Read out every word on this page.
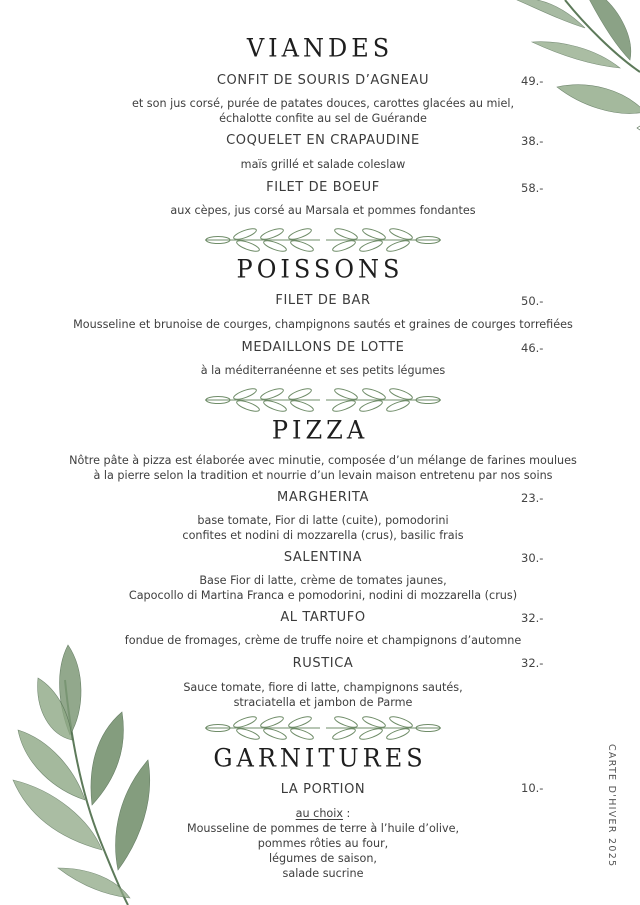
VIANDES
CONFIT DE SOURIS D’AGNEAU	49.-
et son jus corsé, purée de patates douces, carottes glacées au miel,
échalotte confite au sel de Guérande
COQUELET EN CRAPAUDINE	38.-
maïs grillé et salade coleslaw
FILET DE BOEUF	58.-
aux cèpes, jus corsé au Marsala et pommes fondantes
POISSONS
FILET DE BAR	50.-
Mousseline et brunoise de courges, champignons sautés et graines de courges torrefiées
MEDAILLONS DE LOTTE	46.-
à la méditerranéenne et ses petits légumes
PIZZA
Nôtre pâte à pizza est élaborée avec minutie, composée d’un mélange de farines moulues
à la pierre selon la tradition et nourrie d’un levain maison entretenu par nos soins
MARGHERITA	23.-
base tomate, Fior di latte (cuite), pomodorini
confites et nodini di mozzarella (crus), basilic frais
SALENTINA	30.-
Base Fior di latte, crème de tomates jaunes,
Capocollo di Martina Franca e pomodorini, nodini di mozzarella (crus)
AL TARTUFO	32.-
fondue de fromages, crème de truffe noire et champignons d’automne
RUSTICA	32.-
Sauce tomate, fiore di latte, champignons sautés,
straciatella et jambon de Parme
GARNITURES
LA PORTION	10.-
au choix :
Mousseline de pommes de terre à l’huile d’olive,
pommes rôties au four,
légumes de saison,
salade sucrine
CARTE D'HIVER 2025
